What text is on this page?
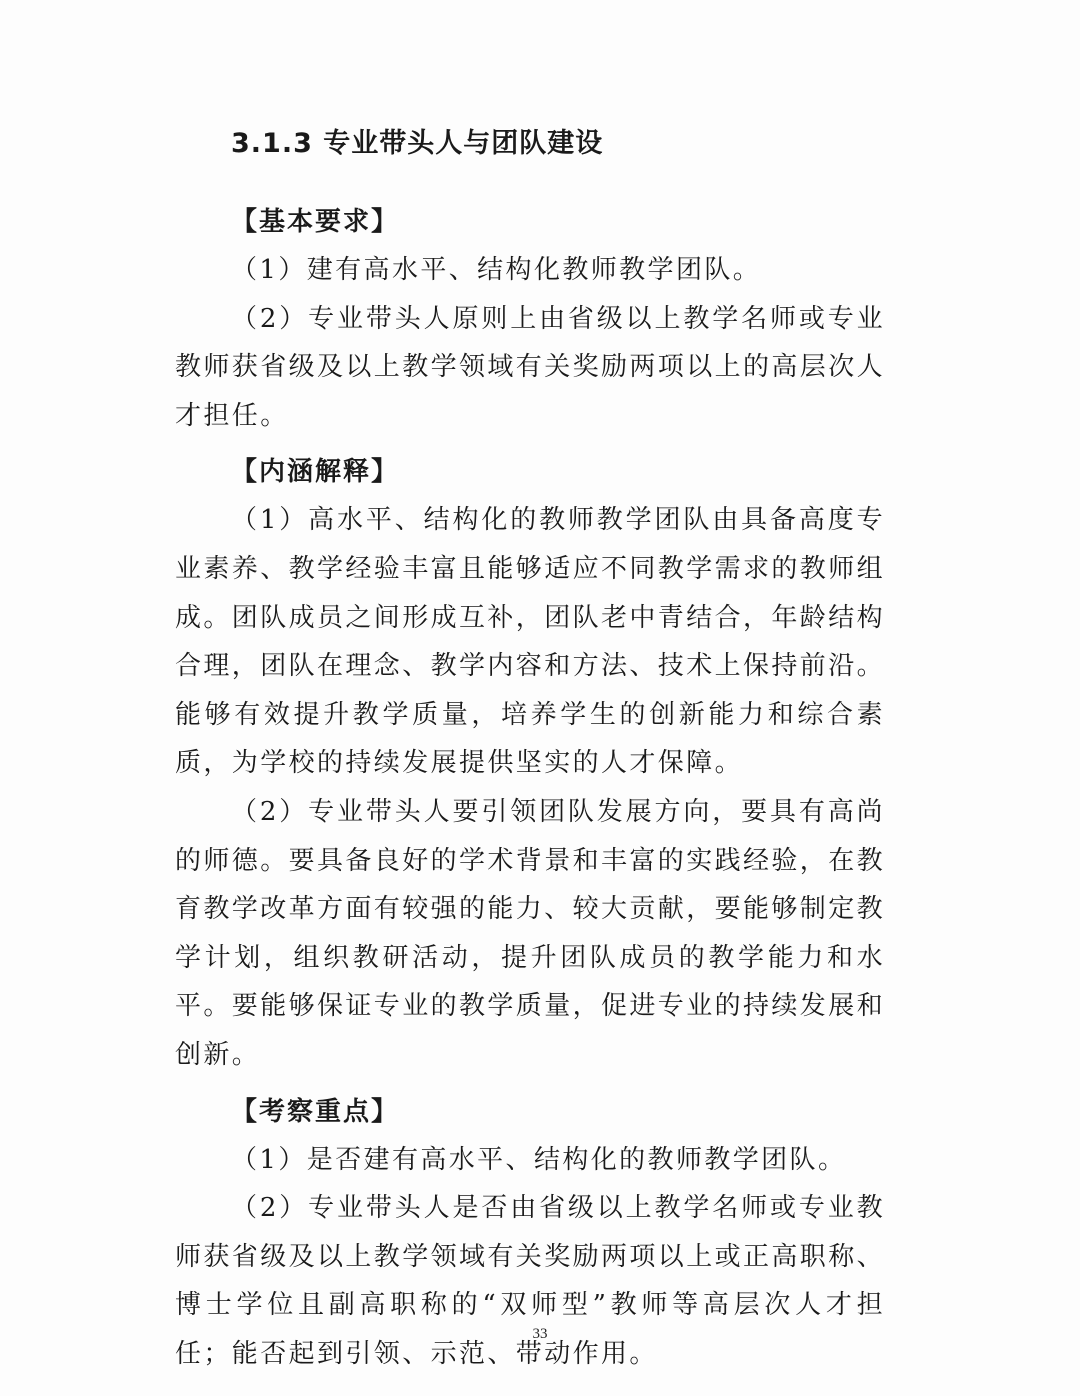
3.1.3 专业带头人与团队建设
【基本要求】

（1）建有高水平、结构化教师教学团队。

（2）专业带头人原则上由省级以上教学名师或专业教师获省级及以上教学领域有关奖励两项以上的高层次人才担任。

【内涵解释】

（1）高水平、结构化的教师教学团队由具备高度专业素养、教学经验丰富且能够适应不同教学需求的教师组成。团队成员之间形成互补，团队老中青结合，年龄结构合理，团队在理念、教学内容和方法、技术上保持前沿。能够有效提升教学质量，培养学生的创新能力和综合素质，为学校的持续发展提供坚实的人才保障。

（2）专业带头人要引领团队发展方向，要具有高尚的师德。要具备良好的学术背景和丰富的实践经验，在教育教学改革方面有较强的能力、较大贡献，要能够制定教学计划，组织教研活动，提升团队成员的教学能力和水平。要能够保证专业的教学质量，促进专业的持续发展和创新。

【考察重点】

（1）是否建有高水平、结构化的教师教学团队。

（2）专业带头人是否由省级以上教学名师或专业教师获省级及以上教学领域有关奖励两项以上或正高职称、博士学位且副高职称的“双师型”教师等高层次人才担任；能否起到引领、示范、带动作用。

33
